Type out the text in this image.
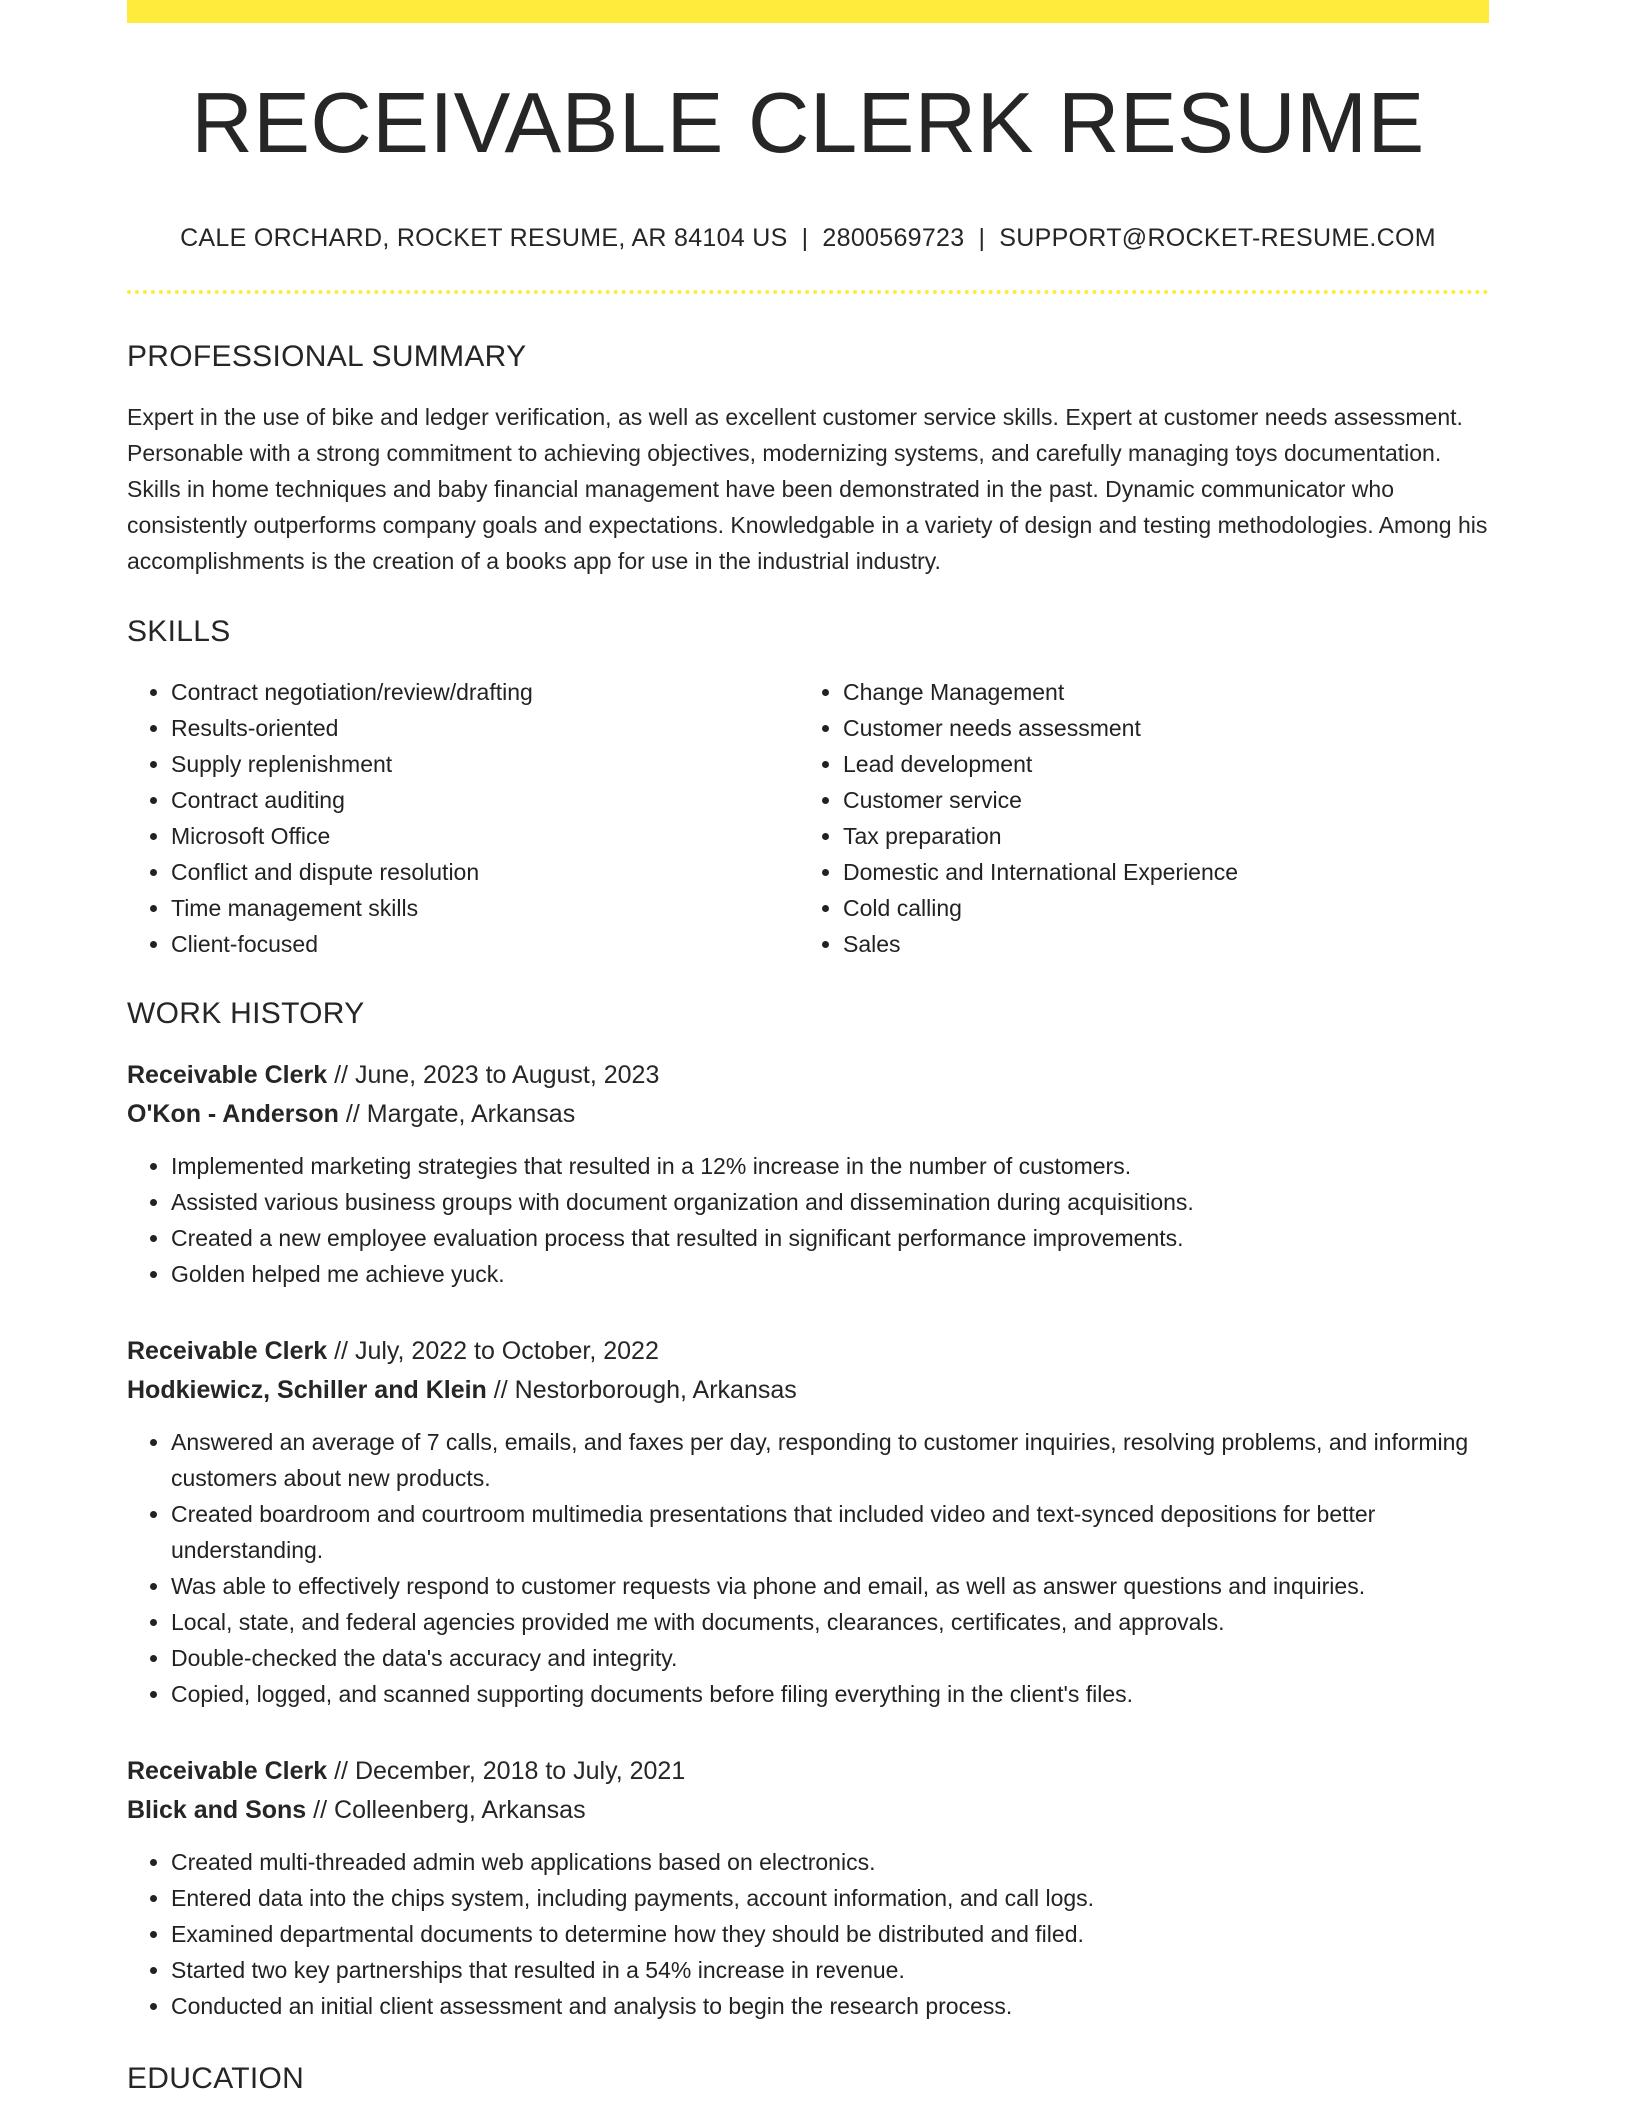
RECEIVABLE CLERK RESUME
CALE ORCHARD, ROCKET RESUME, AR 84104 US | 2800569723 | SUPPORT@ROCKET-RESUME.COM
PROFESSIONAL SUMMARY

Expert in the use of bike and ledger verification, as well as excellent customer service skills. Expert at customer needs assessment. Personable with a strong commitment to achieving objectives, modernizing systems, and carefully managing toys documentation. Skills in home techniques and baby financial management have been demonstrated in the past. Dynamic communicator who consistently outperforms company goals and expectations. Knowledgable in a variety of design and testing methodologies. Among his accomplishments is the creation of a books app for use in the industrial industry.

SKILLS
• Contract negotiation/review/drafting
• Results-oriented
• Supply replenishment
• Contract auditing
• Microsoft Office
• Conflict and dispute resolution
• Time management skills
• Client-focused
• Change Management
• Customer needs assessment
• Lead development
• Customer service
• Tax preparation
• Domestic and International Experience
• Cold calling
• Sales
WORK HISTORY
Receivable Clerk // June, 2023 to August, 2023
O'Kon - Anderson // Margate, Arkansas
• Implemented marketing strategies that resulted in a 12% increase in the number of customers.
• Assisted various business groups with document organization and dissemination during acquisitions.
• Created a new employee evaluation process that resulted in significant performance improvements.
• Golden helped me achieve yuck.
Receivable Clerk // July, 2022 to October, 2022
Hodkiewicz, Schiller and Klein // Nestorborough, Arkansas
• Answered an average of 7 calls, emails, and faxes per day, responding to customer inquiries, resolving problems, and informing customers about new products.
• Created boardroom and courtroom multimedia presentations that included video and text-synced depositions for better understanding.
• Was able to effectively respond to customer requests via phone and email, as well as answer questions and inquiries.
• Local, state, and federal agencies provided me with documents, clearances, certificates, and approvals.
• Double-checked the data's accuracy and integrity.
• Copied, logged, and scanned supporting documents before filing everything in the client's files.
Receivable Clerk // December, 2018 to July, 2021
Blick and Sons // Colleenberg, Arkansas
• Created multi-threaded admin web applications based on electronics.
• Entered data into the chips system, including payments, account information, and call logs.
• Examined departmental documents to determine how they should be distributed and filed.
• Started two key partnerships that resulted in a 54% increase in revenue.
• Conducted an initial client assessment and analysis to begin the research process.
EDUCATION
